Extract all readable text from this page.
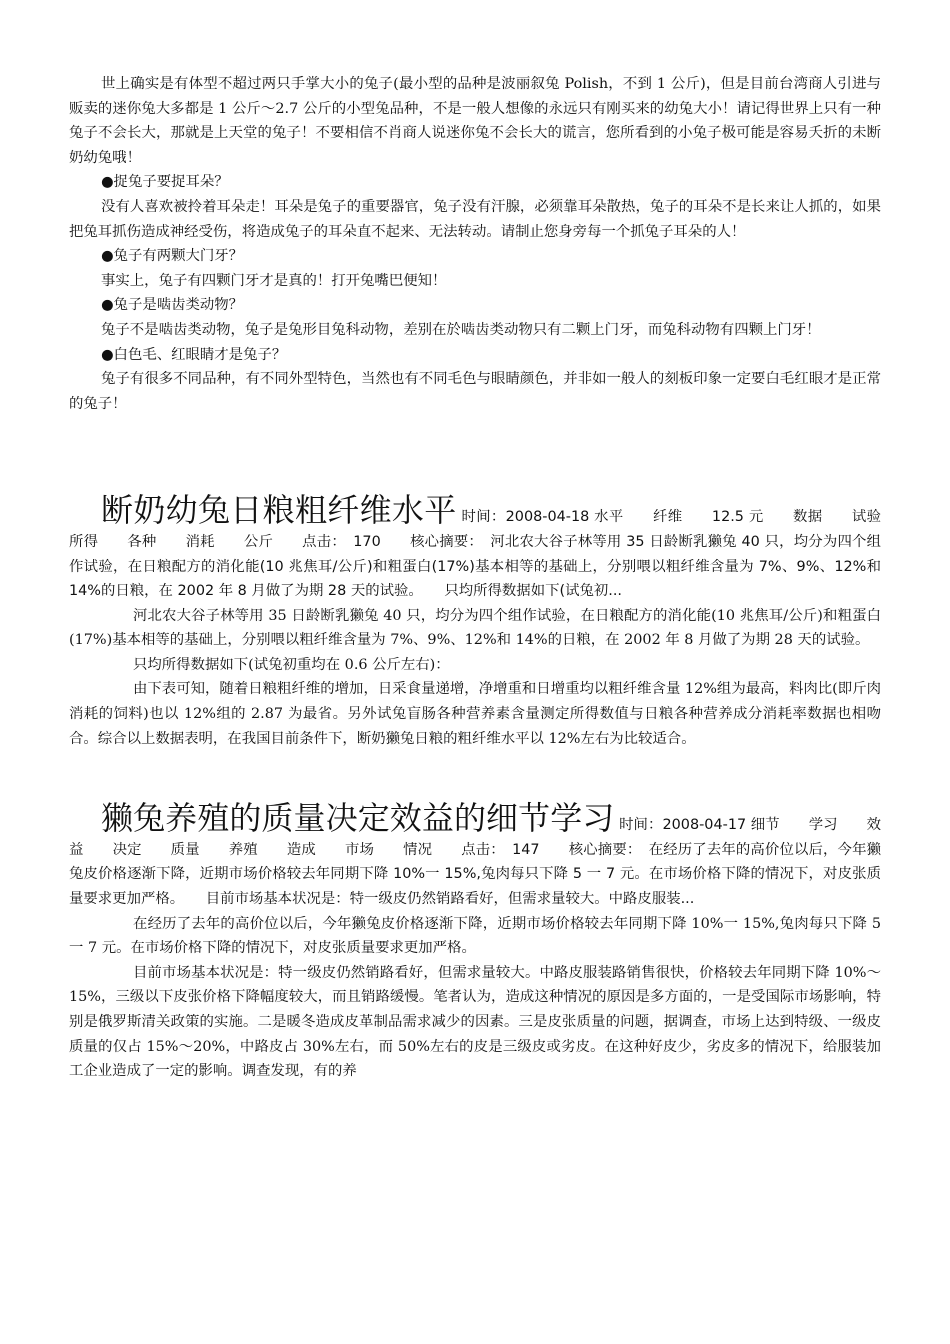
世上确实是有体型不超过两只手掌大小的兔子(最小型的品种是波丽叙兔 Polish，不到 1 公斤)，但是目前台湾商人引进与贩卖的迷你兔大多都是 1 公斤～2.7 公斤的小型兔品种，不是一般人想像的永远只有刚买来的幼兔大小！请记得世界上只有一种兔子不会长大，那就是上天堂的兔子！不要相信不肖商人说迷你兔不会长大的谎言，您所看到的小兔子极可能是容易夭折的未断奶幼兔哦！

●捉兔子要捉耳朵？

没有人喜欢被拎着耳朵走！耳朵是兔子的重要器官，兔子没有汗腺，必须靠耳朵散热，兔子的耳朵不是长来让人抓的，如果把兔耳抓伤造成神经受伤，将造成兔子的耳朵直不起来、无法转动。请制止您身旁每一个抓兔子耳朵的人！

●兔子有两颗大门牙？

事实上，兔子有四颗门牙才是真的！打开兔嘴巴便知！

●兔子是啮齿类动物？

兔子不是啮齿类动物，兔子是兔形目兔科动物，差别在於啮齿类动物只有二颗上门牙，而兔科动物有四颗上门牙！

●白色毛、红眼睛才是兔子？

兔子有很多不同品种，有不同外型特色，当然也有不同毛色与眼睛颜色，并非如一般人的刻板印象一定要白毛红眼才是正常的兔子！

断奶幼兔日粮粗纤维水平 时间：2008-04-18 水平　　纤维　　12.5 元　　数据　　试验　　所得　　各种　　消耗　　公斤　　点击：　170　　核心摘要：　河北农大谷子林等用 35 日龄断乳獭兔 40 只，均分为四个组作试验，在日粮配方的消化能(10 兆焦耳/公斤)和粗蛋白(17%)基本相等的基础上，分别喂以粗纤维含量为 7%、9%、12%和 14%的日粮，在 2002 年 8 月做了为期 28 天的试验。　　只均所得数据如下(试兔初...

河北农大谷子林等用 35 日龄断乳獭兔 40 只，均分为四个组作试验，在日粮配方的消化能(10 兆焦耳/公斤)和粗蛋白(17%)基本相等的基础上，分别喂以粗纤维含量为 7%、9%、12%和 14%的日粮，在 2002 年 8 月做了为期 28 天的试验。

只均所得数据如下(试兔初重均在 0.6 公斤左右)：

由下表可知，随着日粮粗纤维的增加，日采食量递增，净增重和日增重均以粗纤维含量 12%组为最高，料肉比(即斤肉消耗的饲料)也以 12%组的 2.87 为最省。另外试兔盲肠各种营养素含量测定所得数值与日粮各种营养成分消耗率数据也相吻合。综合以上数据表明，在我国目前条件下，断奶獭兔日粮的粗纤维水平以 12%左右为比较适合。

獭兔养殖的质量决定效益的细节学习 时间：2008-04-17 细节　　学习　　效益　　决定　　质量　　养殖　　造成　　市场　　情况　　点击：　147　　核心摘要：　在经历了去年的高价位以后，今年獭兔皮价格逐渐下降，近期市场价格较去年同期下降 10%一 15%,兔肉每只下降 5 一 7 元。在市场价格下降的情况下，对皮张质量要求更加严格。　　目前市场基本状况是：特一级皮仍然销路看好，但需求量较大。中路皮服装...

在经历了去年的高价位以后，今年獭兔皮价格逐渐下降，近期市场价格较去年同期下降 10%一 15%,兔肉每只下降 5 一 7 元。在市场价格下降的情况下，对皮张质量要求更加严格。

目前市场基本状况是：特一级皮仍然销路看好，但需求量较大。中路皮服装路销售很快，价格较去年同期下降 10%～15%，三级以下皮张价格下降幅度较大，而且销路缓慢。笔者认为，造成这种情况的原因是多方面的，一是受国际市场影响，特别是俄罗斯清关政策的实施。二是暖冬造成皮革制品需求减少的因素。三是皮张质量的问题，据调查，市场上达到特级、一级皮质量的仅占 15%～20%，中路皮占 30%左右，而 50%左右的皮是三级皮或劣皮。在这种好皮少，劣皮多的情况下，给服装加工企业造成了一定的影响。调查发现，有的养
